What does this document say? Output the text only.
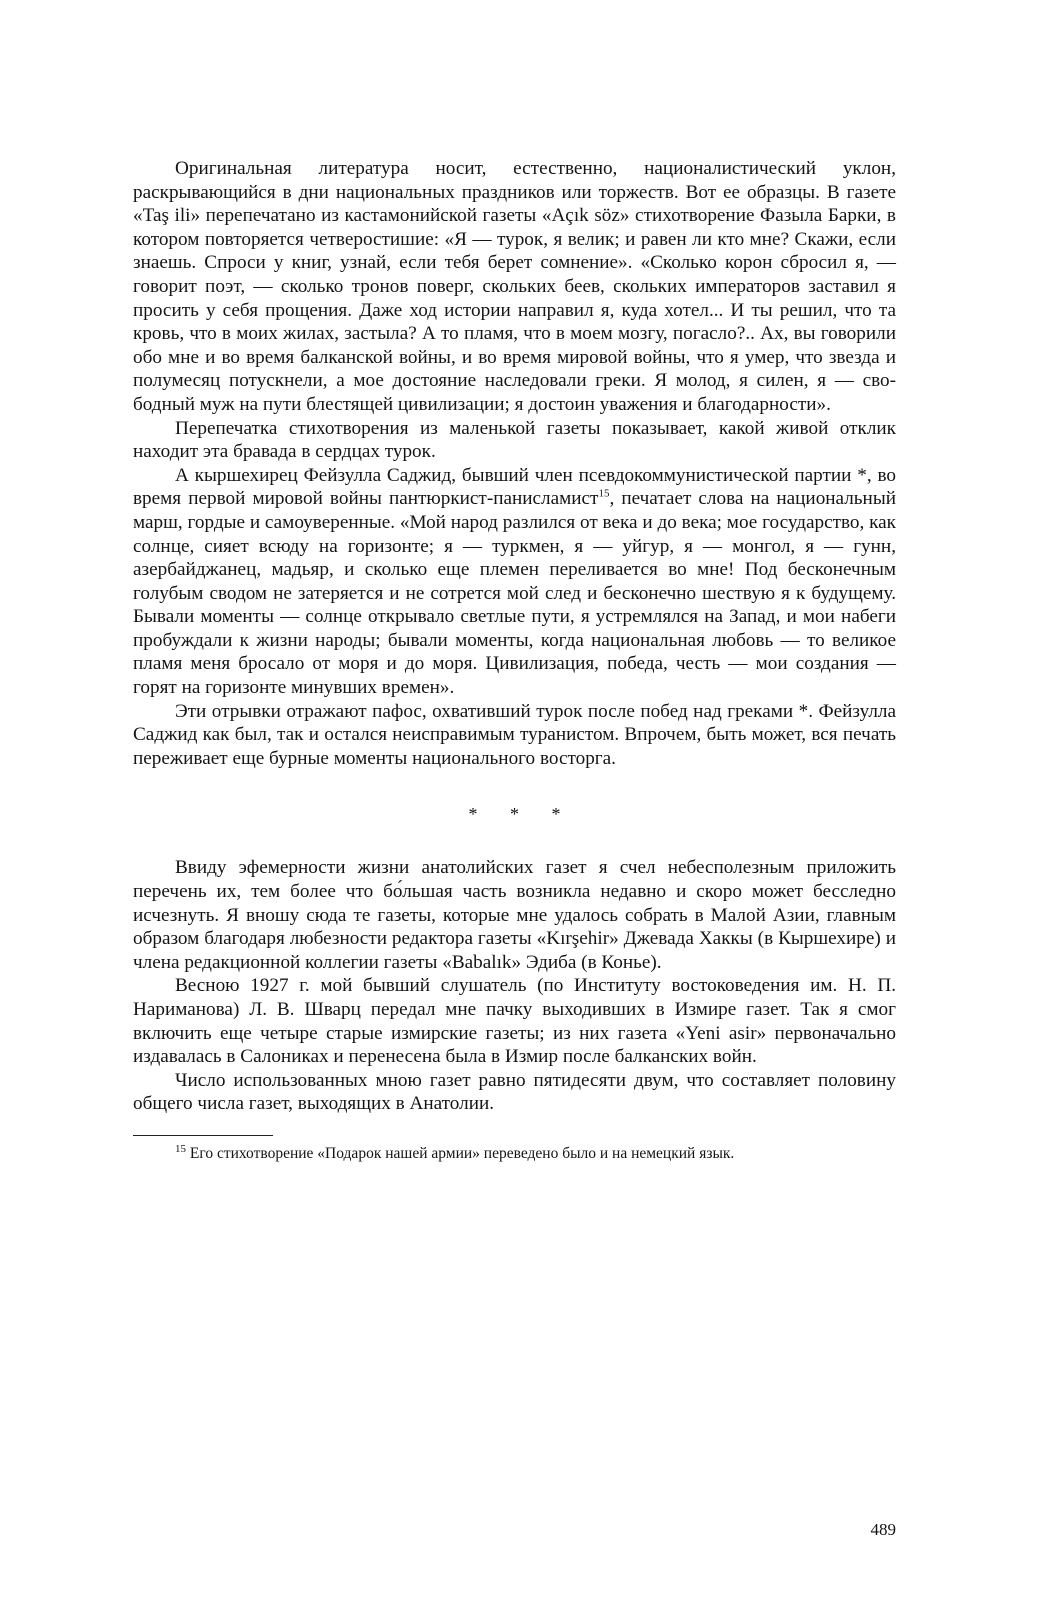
Оригинальная литература носит, естественно, националистический уклон, раскрывающийся в дни национальных праздников или торжеств. Вот ее образцы. В газете «Taş ili» перепечатано из кастамонийской газеты «Açık söz» стихотворение Фазыла Барки, в котором повторяется четверостишие: «Я — турок, я велик; и равен ли кто мне? Скажи, если знаешь. Спроси у книг, узнай, если тебя берет сомнение». «Сколько корон сбросил я, — говорит поэт, — сколько тронов поверг, скольких беев, скольких императоров заставил я просить у себя прощения. Даже ход истории направил я, куда хотел... И ты решил, что та кровь, что в моих жилах, застыла? А то пламя, что в моем мозгу, погасло?.. Ах, вы говорили обо мне и во время балканской войны, и во время мировой войны, что я умер, что звезда и полумесяц потускнели, а мое достояние наследовали греки. Я молод, я силен, я — свободный муж на пути блестящей цивилизации; я достоин уважения и благодарности».

Перепечатка стихотворения из маленькой газеты показывает, какой живой отклик находит эта бравада в сердцах турок.

А кыршехирец Фейзулла Саджид, бывший член псевдокоммунистической партии *, во время первой мировой войны пантюркист-панисламист$^{15}$, печатает слова на национальный марш, гордые и самоуверенные. «Мой народ разлился от века и до века; мое государство, как солнце, сияет всюду на горизонте; я — туркмен, я — уйгур, я — монгол, я — гунн, азербайджанец, мадьяр, и сколько еще племен переливается во мне! Под бесконечным голубым сводом не затеряется и не сотрется мой след и бесконечно шествую я к будущему. Бывали моменты — солнце открывало светлые пути, я устремлялся на Запад, и мои набеги пробуждали к жизни народы; бывали моменты, когда национальная любовь — то великое пламя меня бросало от моря и до моря. Цивилизация, победа, честь — мои создания — горят на горизонте минувших времен».

Эти отрывки отражают пафос, охвативший турок после побед над греками *. Фейзулла Саджид как был, так и остался неисправимым туранистом. Впрочем, быть может, вся печать переживает еще бурные моменты национального восторга.

* * *

Ввиду эфемерности жизни анатолийских газет я счел небесполезным приложить перечень их, тем более что бо́льшая часть возникла недавно и скоро может бесследно исчезнуть. Я вношу сюда те газеты, которые мне удалось собрать в Малой Азии, главным образом благодаря любезности редактора газеты «Kırşehir» Джевада Хаккы (в Кыршехире) и члена редакционной коллегии газеты «Babalık» Эдиба (в Конье).

Весною 1927 г. мой бывший слушатель (по Институту востоковедения им. Н. П. Нариманова) Л. В. Шварц передал мне пачку выходивших в Измире газет. Так я смог включить еще четыре старые измирские газеты; из них газета «Yeni asir» первоначально издавалась в Салониках и перенесена была в Измир после балканских войн.

Число использованных мною газет равно пятидесяти двум, что составляет половину общего числа газет, выходящих в Анатолии.

$^{15}$ Его стихотворение «Подарок нашей армии» переведено было и на немецкий язык.

489
